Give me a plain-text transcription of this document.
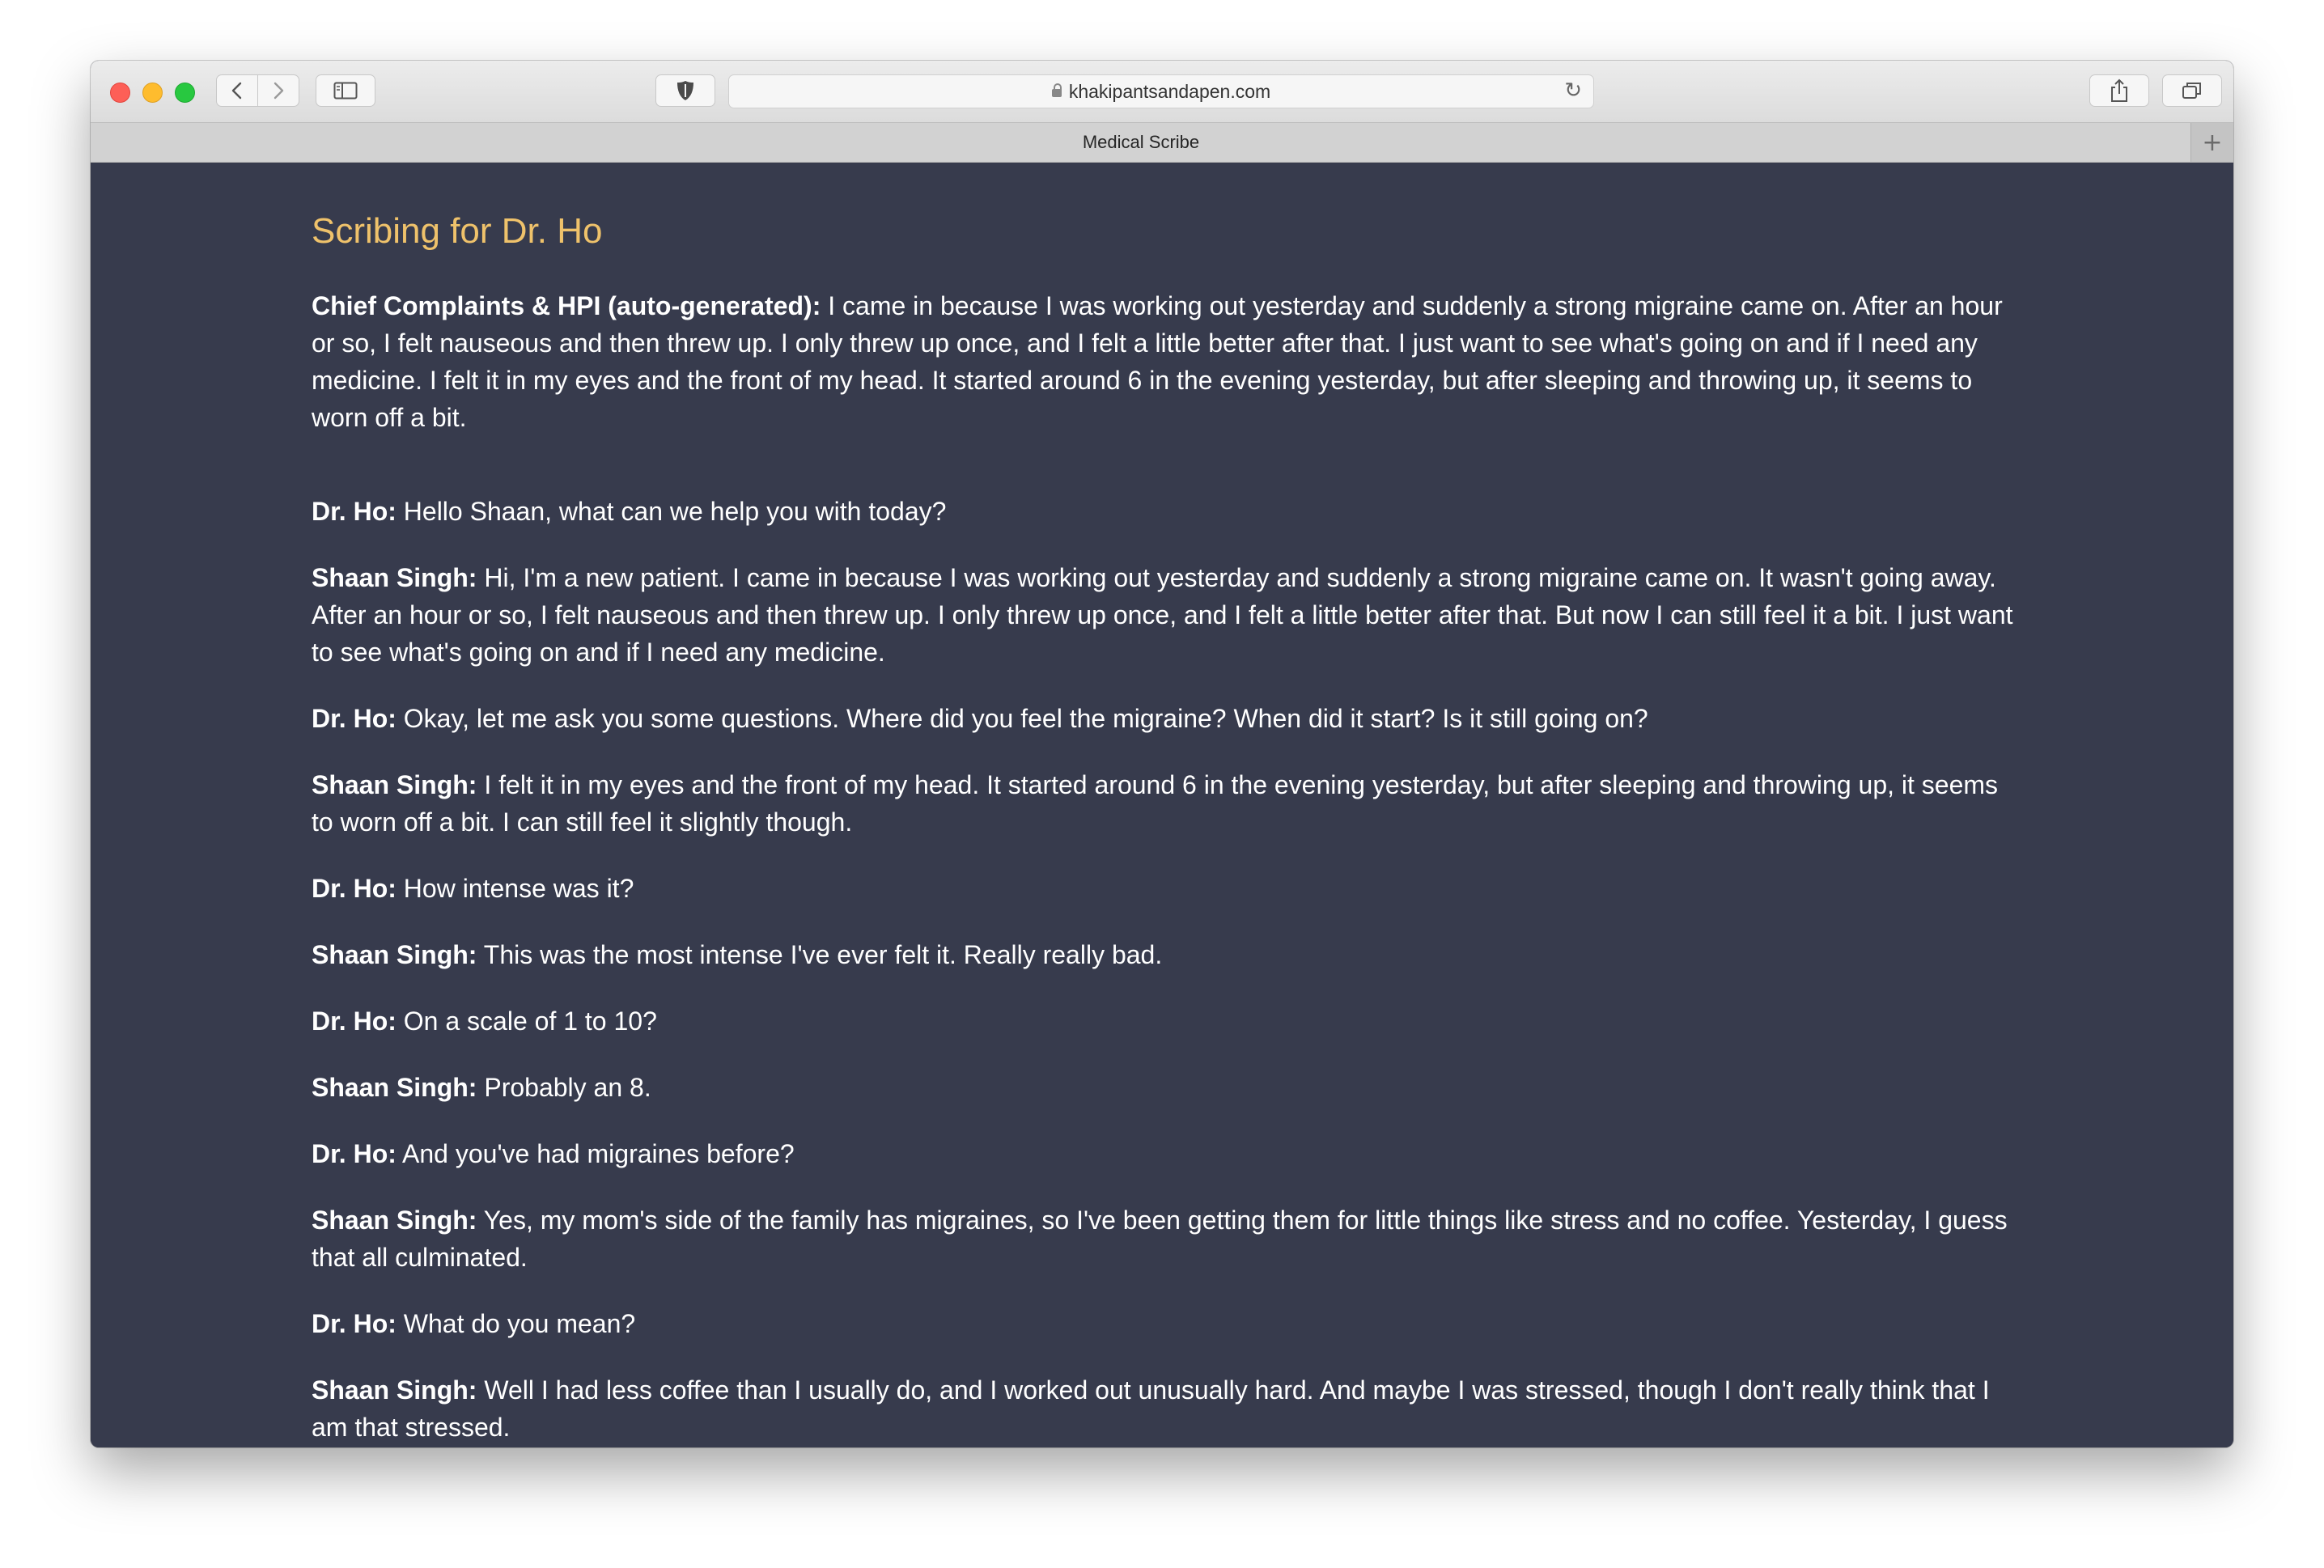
khakipantsandapen.com	↻
Medical Scribe	+
Scribing for Dr. Ho
Chief Complaints & HPI (auto-generated): I came in because I was working out yesterday and suddenly a strong migraine came on. After an hour or so, I felt nauseous and then threw up. I only threw up once, and I felt a little better after that. I just want to see what's going on and if I need any medicine. I felt it in my eyes and the front of my head. It started around 6 in the evening yesterday, but after sleeping and throwing up, it seems to worn off a bit.
Dr. Ho: Hello Shaan, what can we help you with today?
Shaan Singh: Hi, I'm a new patient. I came in because I was working out yesterday and suddenly a strong migraine came on. It wasn't going away. After an hour or so, I felt nauseous and then threw up. I only threw up once, and I felt a little better after that. But now I can still feel it a bit. I just want to see what's going on and if I need any medicine.
Dr. Ho: Okay, let me ask you some questions. Where did you feel the migraine? When did it start? Is it still going on?
Shaan Singh: I felt it in my eyes and the front of my head. It started around 6 in the evening yesterday, but after sleeping and throwing up, it seems to worn off a bit. I can still feel it slightly though.
Dr. Ho: How intense was it?
Shaan Singh: This was the most intense I've ever felt it. Really really bad.
Dr. Ho: On a scale of 1 to 10?
Shaan Singh: Probably an 8.
Dr. Ho: And you've had migraines before?
Shaan Singh: Yes, my mom's side of the family has migraines, so I've been getting them for little things like stress and no coffee. Yesterday, I guess that all culminated.
Dr. Ho: What do you mean?
Shaan Singh: Well I had less coffee than I usually do, and I worked out unusually hard. And maybe I was stressed, though I don't really think that I am that stressed.
